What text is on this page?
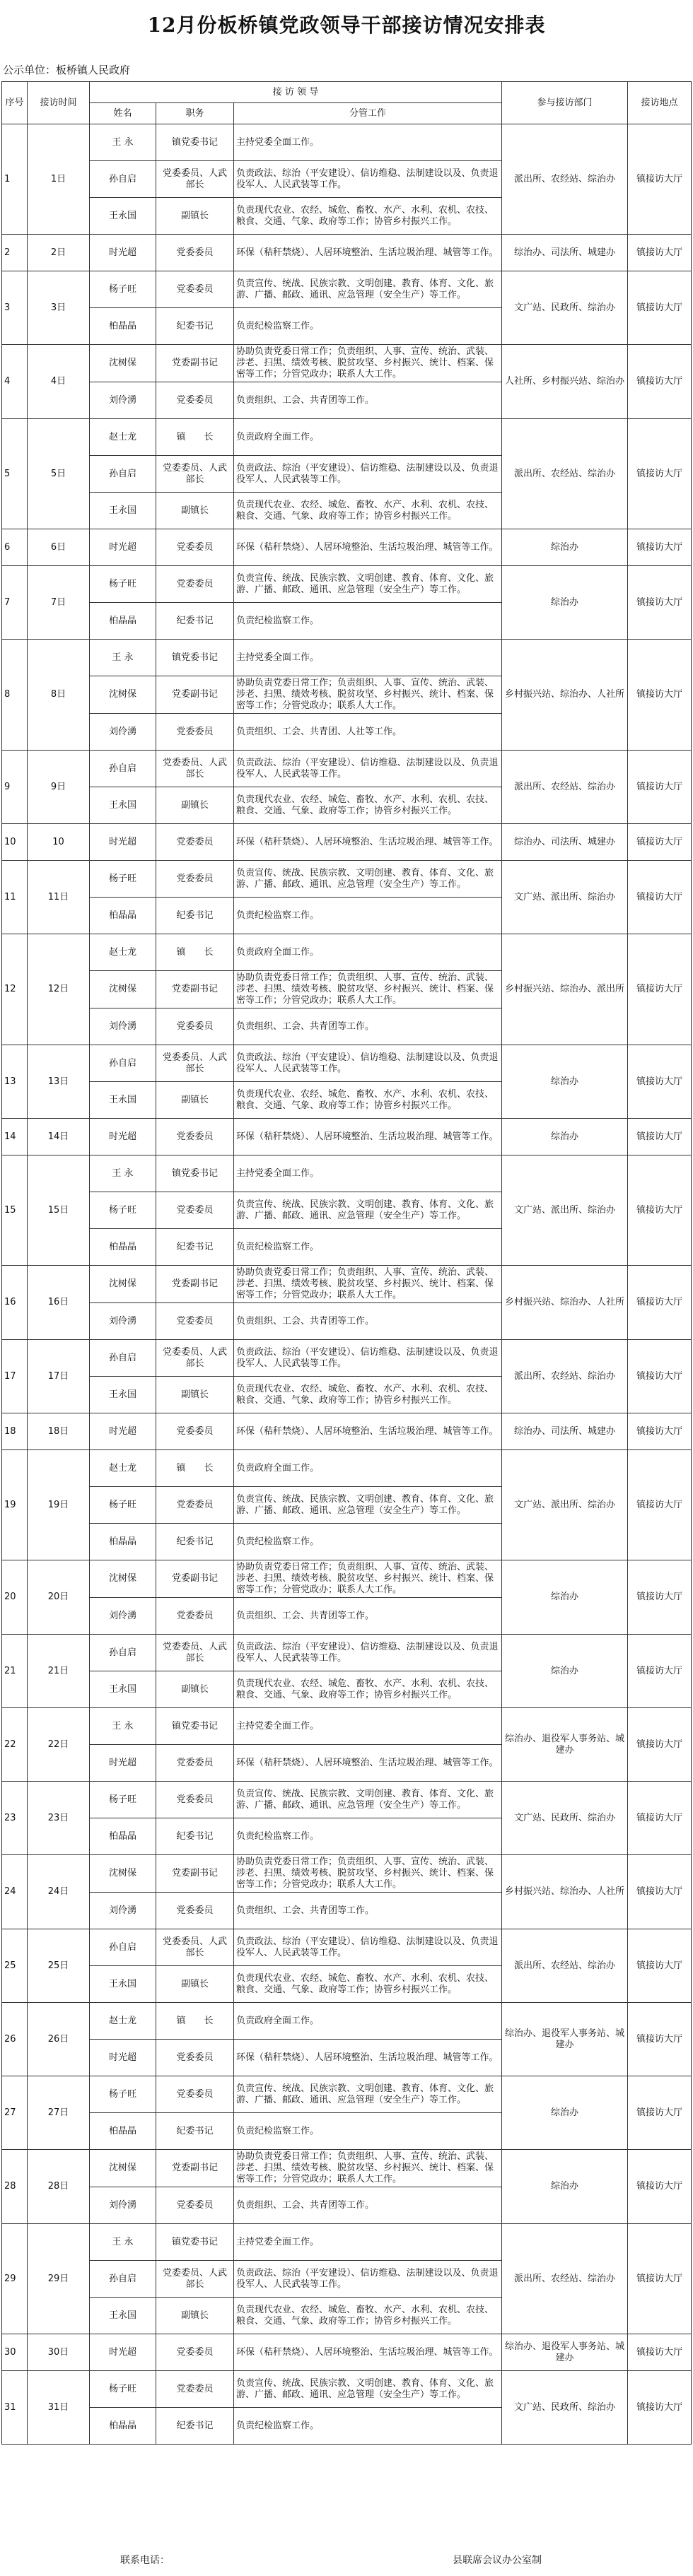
12月份板桥镇党政领导干部接访情况安排表
公示单位：板桥镇人民政府
序号	接访时间	接 访 领 导			参与接访部门	接访地点
		姓名	职务	分管工作		
1	1日	王 永	镇党委书记	主持党委全面工作。	派出所、农经站、综治办	镇接访大厅
		孙自启	党委委员、人武部长	负责政法、综治（平安建设）、信访维稳、法制建设以及、负责退役军人、人民武装等工作。		
		王永国	副镇长	负责现代农业、农经、城危、畜牧、水产、水利、农机、农技、粮食、交通、气象、政府等工作；协管乡村振兴工作。		
2	2日	时光超	党委委员	环保（秸秆禁烧）、人居环境整治、生活垃圾治理、城管等工作。	综治办、司法所、城建办	镇接访大厅
3	3日	杨子旺	党委委员	负责宣传、统战、民族宗教、文明创建、教育、体育、文化、旅游、广播、邮政、通讯、应急管理（安全生产）等工作。	文广站、民政所、综治办	镇接访大厅
		柏晶晶	纪委书记	负责纪检监察工作。		
4	4日	沈树保	党委副书记	协助负责党委日常工作；负责组织、人事、宣传、统治、武装、涉老、扫黑、绩效考核、脱贫攻坚、乡村振兴、统计、档案、保密等工作；分管党政办；联系人大工作。	人社所、乡村振兴站、综治办	镇接访大厅
		刘伶湧	党委委员	负责组织、工会、共青团等工作。		
5	5日	赵士龙	镇　　长	负责政府全面工作。	派出所、农经站、综治办	镇接访大厅
		孙自启	党委委员、人武部长	负责政法、综治（平安建设）、信访维稳、法制建设以及、负责退役军人、人民武装等工作。		
		王永国	副镇长	负责现代农业、农经、城危、畜牧、水产、水利、农机、农技、粮食、交通、气象、政府等工作；协管乡村振兴工作。		
6	6日	时光超	党委委员	环保（秸秆禁烧）、人居环境整治、生活垃圾治理、城管等工作。	综治办	镇接访大厅
7	7日	杨子旺	党委委员	负责宣传、统战、民族宗教、文明创建、教育、体育、文化、旅游、广播、邮政、通讯、应急管理（安全生产）等工作。	综治办	镇接访大厅
		柏晶晶	纪委书记	负责纪检监察工作。		
8	8日	王 永	镇党委书记	主持党委全面工作。	乡村振兴站、综治办、人社所	镇接访大厅
		沈树保	党委副书记	协助负责党委日常工作；负责组织、人事、宣传、统治、武装、涉老、扫黑、绩效考核、脱贫攻坚、乡村振兴、统计、档案、保密等工作；分管党政办；联系人大工作。		
		刘伶湧	党委委员	负责组织、工会、共青团、人社等工作。		
9	9日	孙自启	党委委员、人武部长	负责政法、综治（平安建设）、信访维稳、法制建设以及、负责退役军人、人民武装等工作。	派出所、农经站、综治办	镇接访大厅
		王永国	副镇长	负责现代农业、农经、城危、畜牧、水产、水利、农机、农技、粮食、交通、气象、政府等工作；协管乡村振兴工作。		
10	10	时光超	党委委员	环保（秸秆禁烧）、人居环境整治、生活垃圾治理、城管等工作。	综治办、司法所、城建办	镇接访大厅
11	11日	杨子旺	党委委员	负责宣传、统战、民族宗教、文明创建、教育、体育、文化、旅游、广播、邮政、通讯、应急管理（安全生产）等工作。	文广站、派出所、综治办	镇接访大厅
		柏晶晶	纪委书记	负责纪检监察工作。		
12	12日	赵士龙	镇　　长	负责政府全面工作。	乡村振兴站、综治办、派出所	镇接访大厅
		沈树保	党委副书记	协助负责党委日常工作；负责组织、人事、宣传、统治、武装、涉老、扫黑、绩效考核、脱贫攻坚、乡村振兴、统计、档案、保密等工作；分管党政办；联系人大工作。		
		刘伶湧	党委委员	负责组织、工会、共青团等工作。		
13	13日	孙自启	党委委员、人武部长	负责政法、综治（平安建设）、信访维稳、法制建设以及、负责退役军人、人民武装等工作。	综治办	镇接访大厅
		王永国	副镇长	负责现代农业、农经、城危、畜牧、水产、水利、农机、农技、粮食、交通、气象、政府等工作；协管乡村振兴工作。		
14	14日	时光超	党委委员	环保（秸秆禁烧）、人居环境整治、生活垃圾治理、城管等工作。	综治办	镇接访大厅
15	15日	王 永	镇党委书记	主持党委全面工作。	文广站、派出所、综治办	镇接访大厅
		杨子旺	党委委员	负责宣传、统战、民族宗教、文明创建、教育、体育、文化、旅游、广播、邮政、通讯、应急管理（安全生产）等工作。		
		柏晶晶	纪委书记	负责纪检监察工作。		
16	16日	沈树保	党委副书记	协助负责党委日常工作；负责组织、人事、宣传、统治、武装、涉老、扫黑、绩效考核、脱贫攻坚、乡村振兴、统计、档案、保密等工作；分管党政办；联系人大工作。	乡村振兴站、综治办、人社所	镇接访大厅
		刘伶湧	党委委员	负责组织、工会、共青团等工作。		
17	17日	孙自启	党委委员、人武部长	负责政法、综治（平安建设）、信访维稳、法制建设以及、负责退役军人、人民武装等工作。	派出所、农经站、综治办	镇接访大厅
		王永国	副镇长	负责现代农业、农经、城危、畜牧、水产、水利、农机、农技、粮食、交通、气象、政府等工作；协管乡村振兴工作。		
18	18日	时光超	党委委员	环保（秸秆禁烧）、人居环境整治、生活垃圾治理、城管等工作。	综治办、司法所、城建办	镇接访大厅
19	19日	赵士龙	镇　　长	负责政府全面工作。	文广站、派出所、综治办	镇接访大厅
		杨子旺	党委委员	负责宣传、统战、民族宗教、文明创建、教育、体育、文化、旅游、广播、邮政、通讯、应急管理（安全生产）等工作。		
		柏晶晶	纪委书记	负责纪检监察工作。		
20	20日	沈树保	党委副书记	协助负责党委日常工作；负责组织、人事、宣传、统治、武装、涉老、扫黑、绩效考核、脱贫攻坚、乡村振兴、统计、档案、保密等工作；分管党政办；联系人大工作。	综治办	镇接访大厅
		刘伶湧	党委委员	负责组织、工会、共青团等工作。		
21	21日	孙自启	党委委员、人武部长	负责政法、综治（平安建设）、信访维稳、法制建设以及、负责退役军人、人民武装等工作。	综治办	镇接访大厅
		王永国	副镇长	负责现代农业、农经、城危、畜牧、水产、水利、农机、农技、粮食、交通、气象、政府等工作；协管乡村振兴工作。		
22	22日	王 永	镇党委书记	主持党委全面工作。	综治办、退役军人事务站、城建办	镇接访大厅
		时光超	党委委员	环保（秸秆禁烧）、人居环境整治、生活垃圾治理、城管等工作。		
23	23日	杨子旺	党委委员	负责宣传、统战、民族宗教、文明创建、教育、体育、文化、旅游、广播、邮政、通讯、应急管理（安全生产）等工作。	文广站、民政所、综治办	镇接访大厅
		柏晶晶	纪委书记	负责纪检监察工作。		
24	24日	沈树保	党委副书记	协助负责党委日常工作；负责组织、人事、宣传、统治、武装、涉老、扫黑、绩效考核、脱贫攻坚、乡村振兴、统计、档案、保密等工作；分管党政办；联系人大工作。	乡村振兴站、综治办、人社所	镇接访大厅
		刘伶湧	党委委员	负责组织、工会、共青团等工作。		
25	25日	孙自启	党委委员、人武部长	负责政法、综治（平安建设）、信访维稳、法制建设以及、负责退役军人、人民武装等工作。	派出所、农经站、综治办	镇接访大厅
		王永国	副镇长	负责现代农业、农经、城危、畜牧、水产、水利、农机、农技、粮食、交通、气象、政府等工作；协管乡村振兴工作。		
26	26日	赵士龙	镇　　长	负责政府全面工作。	综治办、退役军人事务站、城建办	镇接访大厅
		时光超	党委委员	环保（秸秆禁烧）、人居环境整治、生活垃圾治理、城管等工作。		
27	27日	杨子旺	党委委员	负责宣传、统战、民族宗教、文明创建、教育、体育、文化、旅游、广播、邮政、通讯、应急管理（安全生产）等工作。	综治办	镇接访大厅
		柏晶晶	纪委书记	负责纪检监察工作。		
28	28日	沈树保	党委副书记	协助负责党委日常工作；负责组织、人事、宣传、统治、武装、涉老、扫黑、绩效考核、脱贫攻坚、乡村振兴、统计、档案、保密等工作；分管党政办；联系人大工作。	综治办	镇接访大厅
		刘伶湧	党委委员	负责组织、工会、共青团等工作。		
29	29日	王 永	镇党委书记	主持党委全面工作。	派出所、农经站、综治办	镇接访大厅
		孙自启	党委委员、人武部长	负责政法、综治（平安建设）、信访维稳、法制建设以及、负责退役军人、人民武装等工作。		
		王永国	副镇长	负责现代农业、农经、城危、畜牧、水产、水利、农机、农技、粮食、交通、气象、政府等工作；协管乡村振兴工作。		
30	30日	时光超	党委委员	环保（秸秆禁烧）、人居环境整治、生活垃圾治理、城管等工作。	综治办、退役军人事务站、城建办	镇接访大厅
31	31日	杨子旺	党委委员	负责宣传、统战、民族宗教、文明创建、教育、体育、文化、旅游、广播、邮政、通讯、应急管理（安全生产）等工作。	文广站、民政所、综治办	镇接访大厅
		柏晶晶	纪委书记	负责纪检监察工作。		
联系电话：	县联席会议办公室制
